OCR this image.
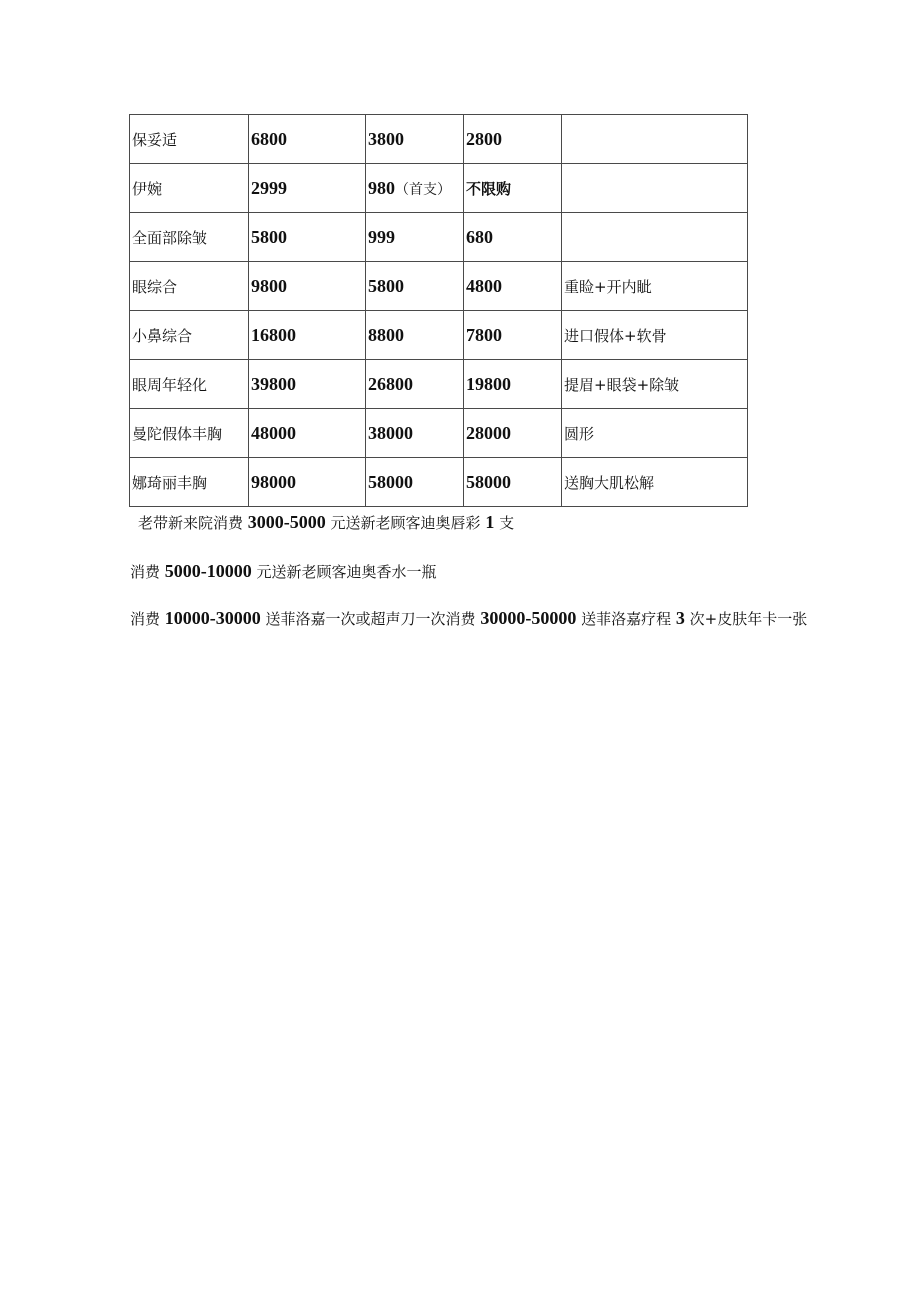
保妥适	6800	3800	2800	
伊婉	2999	980（首支）	不限购	
全面部除皱	5800	999	680	
眼综合	9800	5800	4800	重睑+开内眦
小鼻综合	16800	8800	7800	进口假体+软骨
眼周年轻化	39800	26800	19800	提眉+眼袋+除皱
曼陀假体丰胸	48000	38000	28000	圆形
娜琦丽丰胸	98000	58000	58000	送胸大肌松解
老带新来院消费 3000-5000 元送新老顾客迪奥唇彩 1 支
消费 5000-10000 元送新老顾客迪奥香水一瓶
消费 10000-30000 送菲洛嘉一次或超声刀一次消费 30000-50000 送菲洛嘉疗程 3 次+皮肤年卡一张
